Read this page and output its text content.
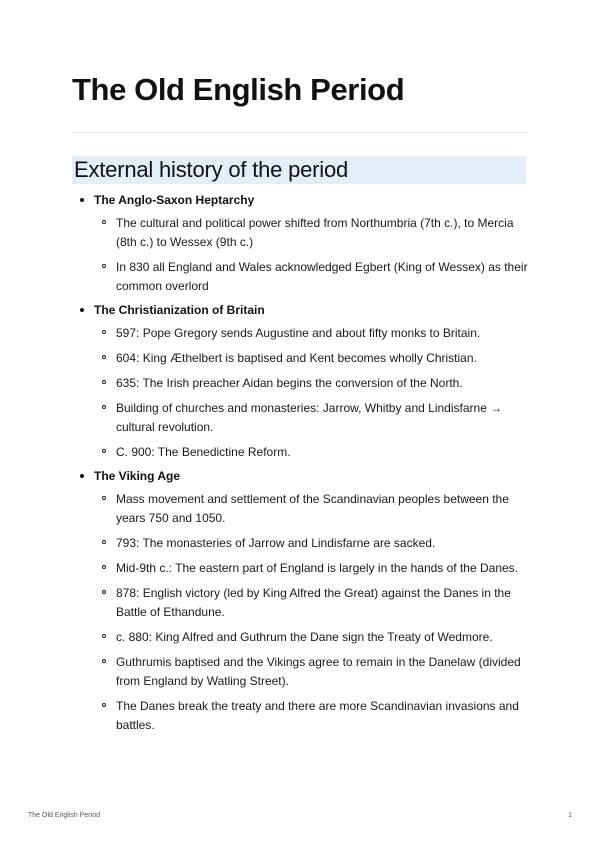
The Old English Period
External history of the period
The Anglo-Saxon Heptarchy
The cultural and political power shifted from Northumbria (7th c.), to Mercia (8th c.) to Wessex (9th c.)
In 830 all England and Wales acknowledged Egbert (King of Wessex) as their common overlord
The Christianization of Britain
597: Pope Gregory sends Augustine and about fifty monks to Britain.
604: King Æthelbert is baptised and Kent becomes wholly Christian.
635: The Irish preacher Aidan begins the conversion of the North.
Building of churches and monasteries: Jarrow, Whitby and Lindisfarne → cultural revolution.
C. 900: The Benedictine Reform.
The Viking Age
Mass movement and settlement of the Scandinavian peoples between the years 750 and 1050.
793: The monasteries of Jarrow and Lindisfarne are sacked.
Mid-9th c.: The eastern part of England is largely in the hands of the Danes.
878: English victory (led by King Alfred the Great) against the Danes in the Battle of Ethandune.
c. 880: King Alfred and Guthrum the Dane sign the Treaty of Wedmore.
Guthrumis baptised and the Vikings agree to remain in the Danelaw (divided from England by Watling Street).
The Danes break the treaty and there are more Scandinavian invasions and battles.
The Old English Period	1
